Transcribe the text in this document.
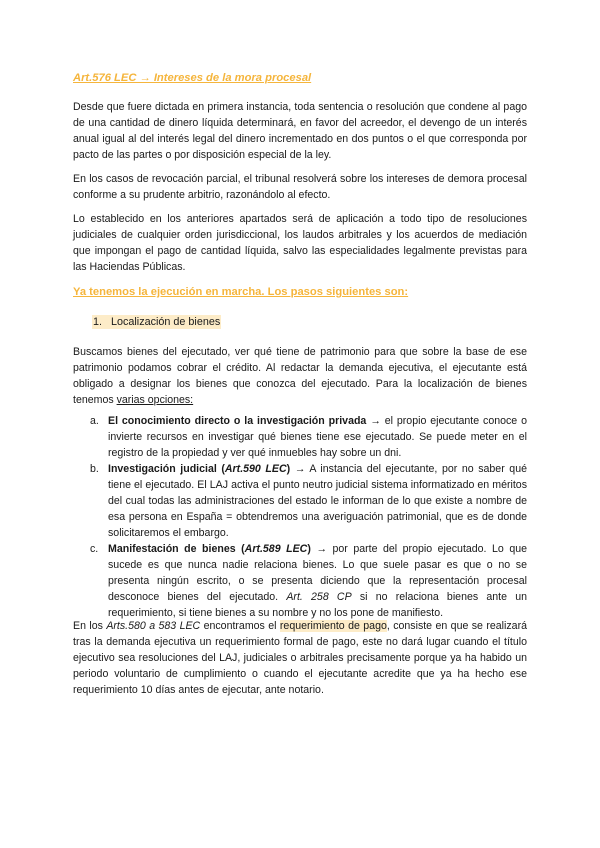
Art.576 LEC → Intereses de la mora procesal
Desde que fuere dictada en primera instancia, toda sentencia o resolución que condene al pago de una cantidad de dinero líquida determinará, en favor del acreedor, el devengo de un interés anual igual al del interés legal del dinero incrementado en dos puntos o el que corresponda por pacto de las partes o por disposición especial de la ley.
En los casos de revocación parcial, el tribunal resolverá sobre los intereses de demora procesal conforme a su prudente arbitrio, razonándolo al efecto.
Lo establecido en los anteriores apartados será de aplicación a todo tipo de resoluciones judiciales de cualquier orden jurisdiccional, los laudos arbitrales y los acuerdos de mediación que impongan el pago de cantidad líquida, salvo las especialidades legalmente previstas para las Haciendas Públicas.
Ya tenemos la ejecución en marcha. Los pasos siguientes son:
1. Localización de bienes
Buscamos bienes del ejecutado, ver qué tiene de patrimonio para que sobre la base de ese patrimonio podamos cobrar el crédito. Al redactar la demanda ejecutiva, el ejecutante está obligado a designar los bienes que conozca del ejecutado. Para la localización de bienes tenemos varias opciones:
a. El conocimiento directo o la investigación privada → el propio ejecutante conoce o invierte recursos en investigar qué bienes tiene ese ejecutado. Se puede meter en el registro de la propiedad y ver qué inmuebles hay sobre un dni.
b. Investigación judicial (Art.590 LEC) → A instancia del ejecutante, por no saber qué tiene el ejecutado. El LAJ activa el punto neutro judicial sistema informatizado en méritos del cual todas las administraciones del estado le informan de lo que existe a nombre de esa persona en España = obtendremos una averiguación patrimonial, que es de donde solicitaremos el embargo.
c. Manifestación de bienes (Art.589 LEC) → por parte del propio ejecutado. Lo que sucede es que nunca nadie relaciona bienes. Lo que suele pasar es que o no se presenta ningún escrito, o se presenta diciendo que la representación procesal desconoce bienes del ejecutado. Art. 258 CP si no relaciona bienes ante un requerimiento, si tiene bienes a su nombre y no los pone de manifiesto.
En los Arts.580 a 583 LEC encontramos el requerimiento de pago, consiste en que se realizará tras la demanda ejecutiva un requerimiento formal de pago, este no dará lugar cuando el título ejecutivo sea resoluciones del LAJ, judiciales o arbitrales precisamente porque ya ha habido un periodo voluntario de cumplimiento o cuando el ejecutante acredite que ya ha hecho ese requerimiento 10 días antes de ejecutar, ante notario.
